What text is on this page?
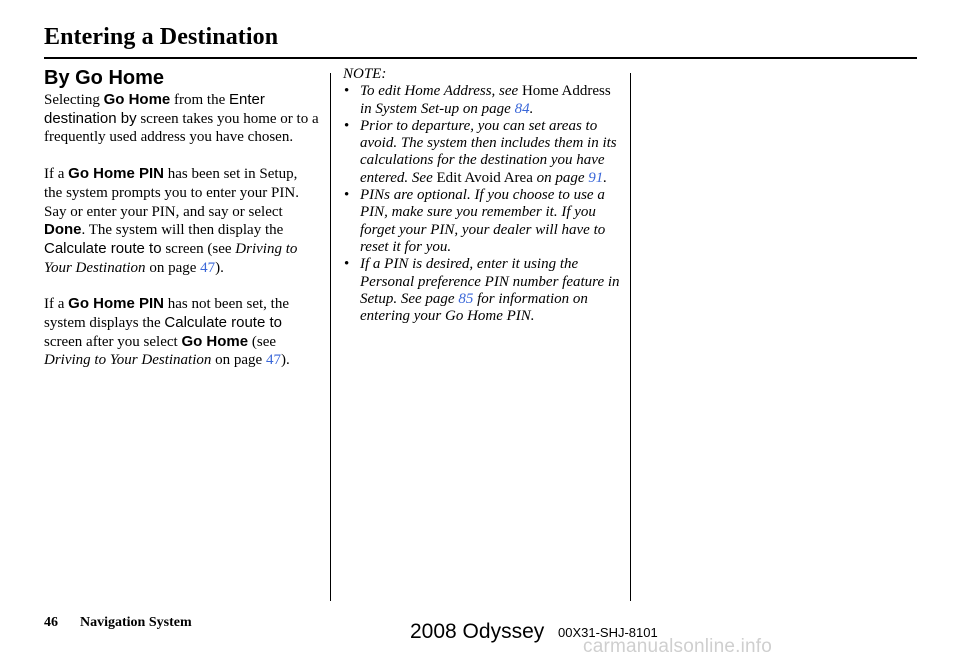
Entering a Destination
By Go Home

Selecting Go Home from the Enter destination by screen takes you home or to a frequently used address you have chosen.

If a Go Home PIN has been set in Setup, the system prompts you to enter your PIN. Say or enter your PIN, and say or select Done. The system will then display the Calculate route to screen (see Driving to Your Destination on page 47).

If a Go Home PIN has not been set, the system displays the Calculate route to screen after you select Go Home (see Driving to Your Destination on page 47).

NOTE:
• To edit Home Address, see Home Address in System Set-up on page 84.
• Prior to departure, you can set areas to avoid. The system then includes them in its calculations for the destination you have entered. See Edit Avoid Area on page 91.
• PINs are optional. If you choose to use a PIN, make sure you remember it. If you forget your PIN, your dealer will have to reset it for you.
• If a PIN is desired, enter it using the Personal preference PIN number feature in Setup. See page 85 for information on entering your Go Home PIN.
46 Navigation System	2008 Odyssey 00X31-SHJ-8101
carmanualsonline.info
